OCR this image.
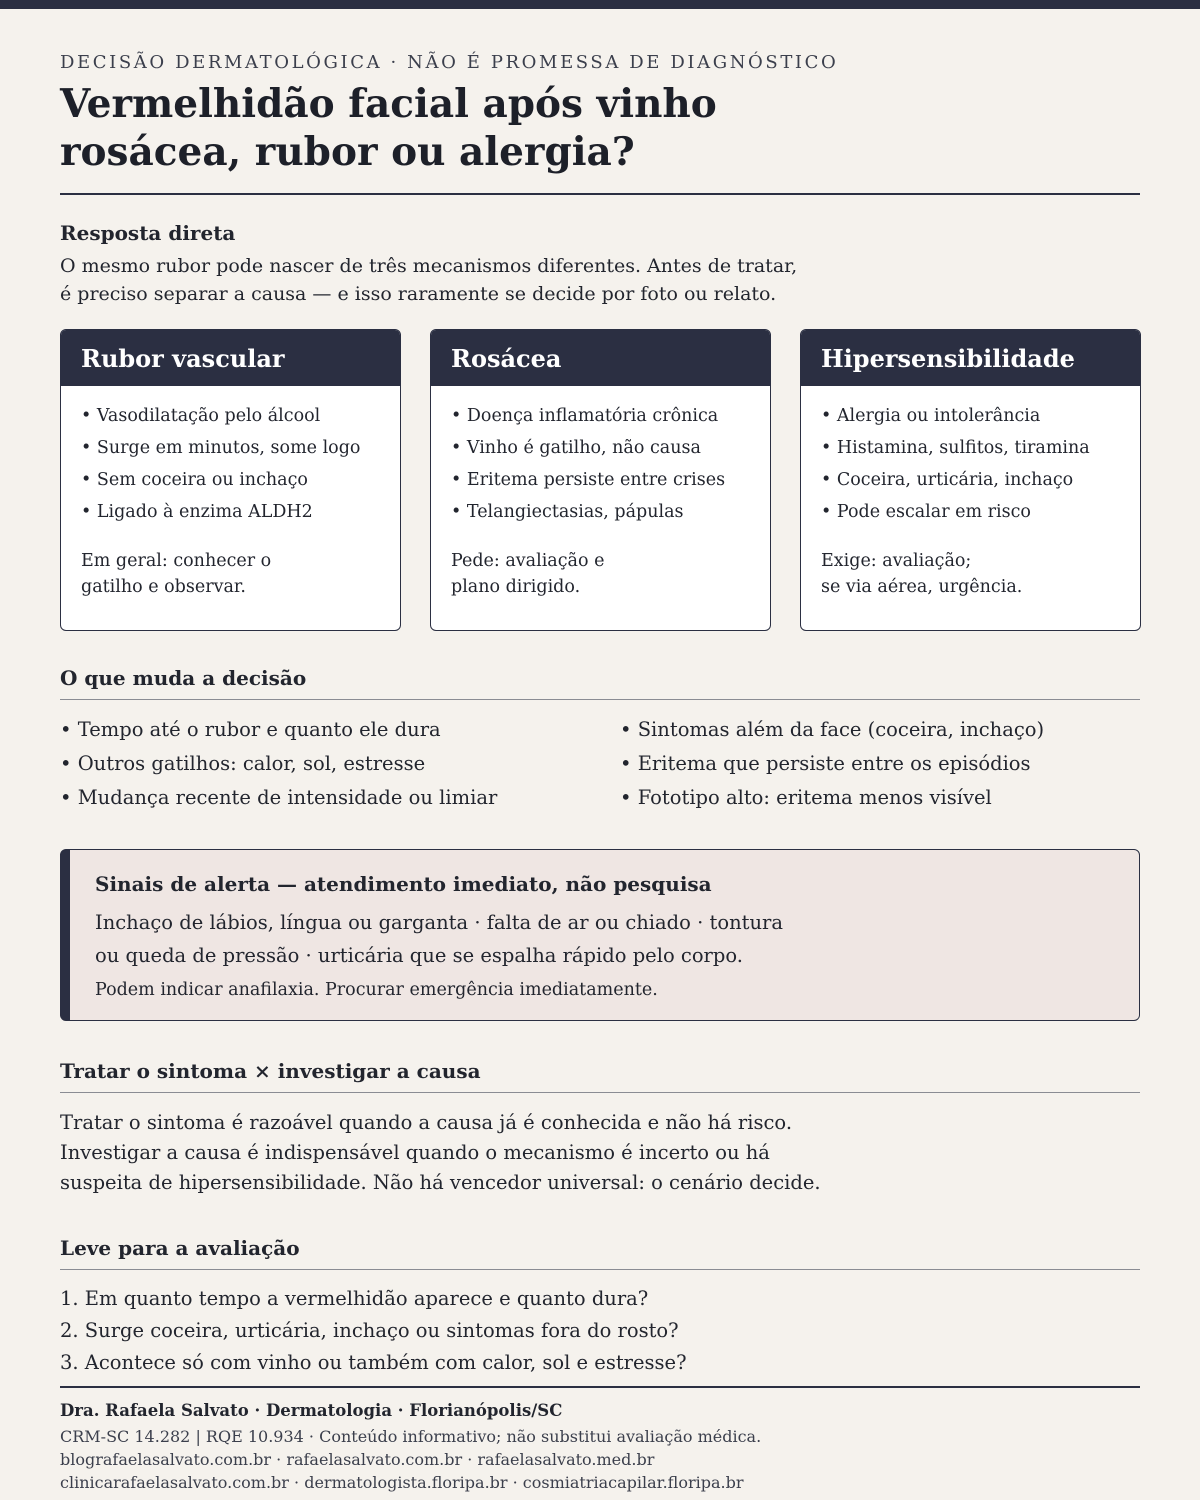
DECISÃO DERMATOLÓGICA · NÃO É PROMESSA DE DIAGNÓSTICO
Vermelhidão facial após vinho
rosácea, rubor ou alergia?
Resposta direta

O mesmo rubor pode nascer de três mecanismos diferentes. Antes de tratar,
é preciso separar a causa — e isso raramente se decide por foto ou relato.

Rubor vascular
• Vasodilatação pelo álcool
• Surge em minutos, some logo
• Sem coceira ou inchaço
• Ligado à enzima ALDH2
Em geral: conhecer o
gatilho e observar.
Rosácea
• Doença inflamatória crônica
• Vinho é gatilho, não causa
• Eritema persiste entre crises
• Telangiectasias, pápulas
Pede: avaliação e
plano dirigido.
Hipersensibilidade
• Alergia ou intolerância
• Histamina, sulfitos, tiramina
• Coceira, urticária, inchaço
• Pode escalar em risco
Exige: avaliação;
se via aérea, urgência.
O que muda a decisão
• Tempo até o rubor e quanto ele dura
• Outros gatilhos: calor, sol, estresse
• Mudança recente de intensidade ou limiar
• Sintomas além da face (coceira, inchaço)
• Eritema que persiste entre os episódios
• Fototipo alto: eritema menos visível
Sinais de alerta — atendimento imediato, não pesquisa

Inchaço de lábios, língua ou garganta · falta de ar ou chiado · tontura
ou queda de pressão · urticária que se espalha rápido pelo corpo.

Podem indicar anafilaxia. Procurar emergência imediatamente.
Tratar o sintoma × investigar a causa

Tratar o sintoma é razoável quando a causa já é conhecida e não há risco.
Investigar a causa é indispensável quando o mecanismo é incerto ou há
suspeita de hipersensibilidade. Não há vencedor universal: o cenário decide.

Leve para a avaliação
1. Em quanto tempo a vermelhidão aparece e quanto dura?
2. Surge coceira, urticária, inchaço ou sintomas fora do rosto?
3. Acontece só com vinho ou também com calor, sol e estresse?
Dra. Rafaela Salvato · Dermatologia · Florianópolis/SC
CRM-SC 14.282 | RQE 10.934 · Conteúdo informativo; não substitui avaliação médica.
blografaelasalvato.com.br · rafaelasalvato.com.br · rafaelasalvato.med.br
clinicarafaelasalvato.com.br · dermatologista.floripa.br · cosmiatriacapilar.floripa.br
